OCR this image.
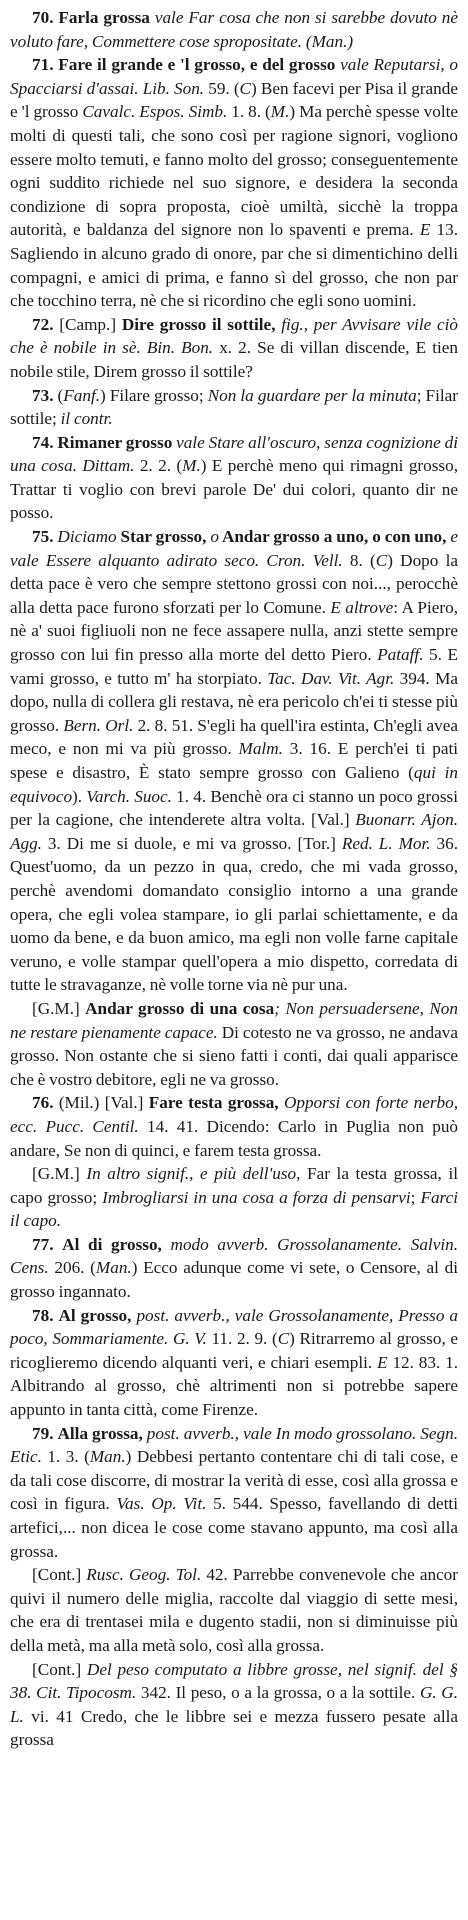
70. Farla grossa vale Far cosa che non si sarebbe dovuto nè voluto fare, Commettere cose spropositate. (Man.)

71. Fare il grande e 'l grosso, e del grosso vale Reputarsi, o Spacciarsi d'assai. Lib. Son. 59. (C) Ben facevi per Pisa il grande e 'l grosso Cavalc. Espos. Simb. 1. 8. (M.) Ma perchè spesse volte molti di questi tali, che sono così per ragione signori, vogliono essere molto temuti, e fanno molto del grosso; conseguentemente ogni suddito richiede nel suo signore, e desidera la seconda condizione di sopra proposta, cioè umiltà, sicchè la troppa autorità, e baldanza del signore non lo spaventi e prema. E 13. Sagliendo in alcuno grado di onore, par che si dimentichino delli compagni, e amici di prima, e fanno sì del grosso, che non par che tocchino terra, nè che si ricordino che egli sono uomini.

72. [Camp.] Dire grosso il sottile, fig., per Avvisare vile ciò che è nobile in sè. Bin. Bon. x. 2. Se di villan discende, E tien nobile stile, Direm grosso il sottile?

73. (Fanf.) Filare grosso; Non la guardare per la minuta; Filar sottile; il contr.

74. Rimaner grosso vale Stare all'oscuro, senza cognizione di una cosa. Dittam. 2. 2. (M.) E perchè meno qui rimagni grosso, Trattar ti voglio con brevi parole De' dui colori, quanto dir ne posso.

75. Diciamo Star grosso, o Andar grosso a uno, o con uno, e vale Essere alquanto adirato seco. Cron. Vell. 8. (C) Dopo la detta pace è vero che sempre stettono grossi con noi..., perocchè alla detta pace furono sforzati per lo Comune. E altrove: A Piero, nè a' suoi figliuoli non ne fece assapere nulla, anzi stette sempre grosso con lui fin presso alla morte del detto Piero. Pataff. 5. E vami grosso, e tutto m' ha storpiato. Tac. Dav. Vit. Agr. 394. Ma dopo, nulla di collera gli restava, nè era pericolo ch'ei ti stesse più grosso. Bern. Orl. 2. 8. 51. S'egli ha quell'ira estinta, Ch'egli avea meco, e non mi va più grosso. Malm. 3. 16. E perch'ei ti pati spese e disastro, È stato sempre grosso con Galieno (qui in equivoco). Varch. Suoc. 1. 4. Benchè ora ci stanno un poco grossi per la cagione, che intenderete altra volta. [Val.] Buonarr. Ajon. Agg. 3. Di me si duole, e mi va grosso. [Tor.] Red. L. Mor. 36. Quest'uomo, da un pezzo in qua, credo, che mi vada grosso, perchè avendomi domandato consiglio intorno a una grande opera, che egli volea stampare, io gli parlai schiettamente, e da uomo da bene, e da buon amico, ma egli non volle farne capitale veruno, e volle stampar quell'opera a mio dispetto, corredata di tutte le stravaganze, nè volle torne via nè pur una.

[G.M.] Andar grosso di una cosa; Non persuadersene, Non ne restare pienamente capace. Di cotesto ne va grosso, ne andava grosso. Non ostante che si sieno fatti i conti, dai quali apparisce che è vostro debitore, egli ne va grosso.

76. (Mil.) [Val.] Fare testa grossa, Opporsi con forte nerbo, ecc. Pucc. Centil. 14. 41. Dicendo: Carlo in Puglia non può andare, Se non di quinci, e farem testa grossa.

[G.M.] In altro signif., e più dell'uso, Far la testa grossa, il capo grosso; Imbrogliarsi in una cosa a forza di pensarvi; Farci il capo.

77. Al di grosso, modo avverb. Grossolanamente. Salvin. Cens. 206. (Man.) Ecco adunque come vi sete, o Censore, al di grosso ingannato.

78. Al grosso, post. avverb., vale Grossolanamente, Presso a poco, Sommariamente. G. V. 11. 2. 9. (C) Ritrarremo al grosso, e ricoglieremo dicendo alquanti veri, e chiari esempli. E 12. 83. 1. Albitrando al grosso, chè altrimenti non si potrebbe sapere appunto in tanta città, come Firenze.

79. Alla grossa, post. avverb., vale In modo grossolano. Segn. Etic. 1. 3. (Man.) Debbesi pertanto contentare chi di tali cose, e da tali cose discorre, di mostrar la verità di esse, così alla grossa e così in figura. Vas. Op. Vit. 5. 544. Spesso, favellando di detti artefici,... non dicea le cose come stavano appunto, ma così alla grossa.

[Cont.] Rusc. Geog. Tol. 42. Parrebbe convenevole che ancor quivi il numero delle miglia, raccolte dal viaggio di sette mesi, che era di trentasei mila e dugento stadii, non si diminuisse più della metà, ma alla metà solo, così alla grossa.

[Cont.] Del peso computato a libbre grosse, nel signif. del § 38. Cit. Tipocosm. 342. Il peso, o a la grossa, o a la sottile. G. G. L. vi. 41 Credo, che le libbre sei e mezza fussero pesate alla grossa
